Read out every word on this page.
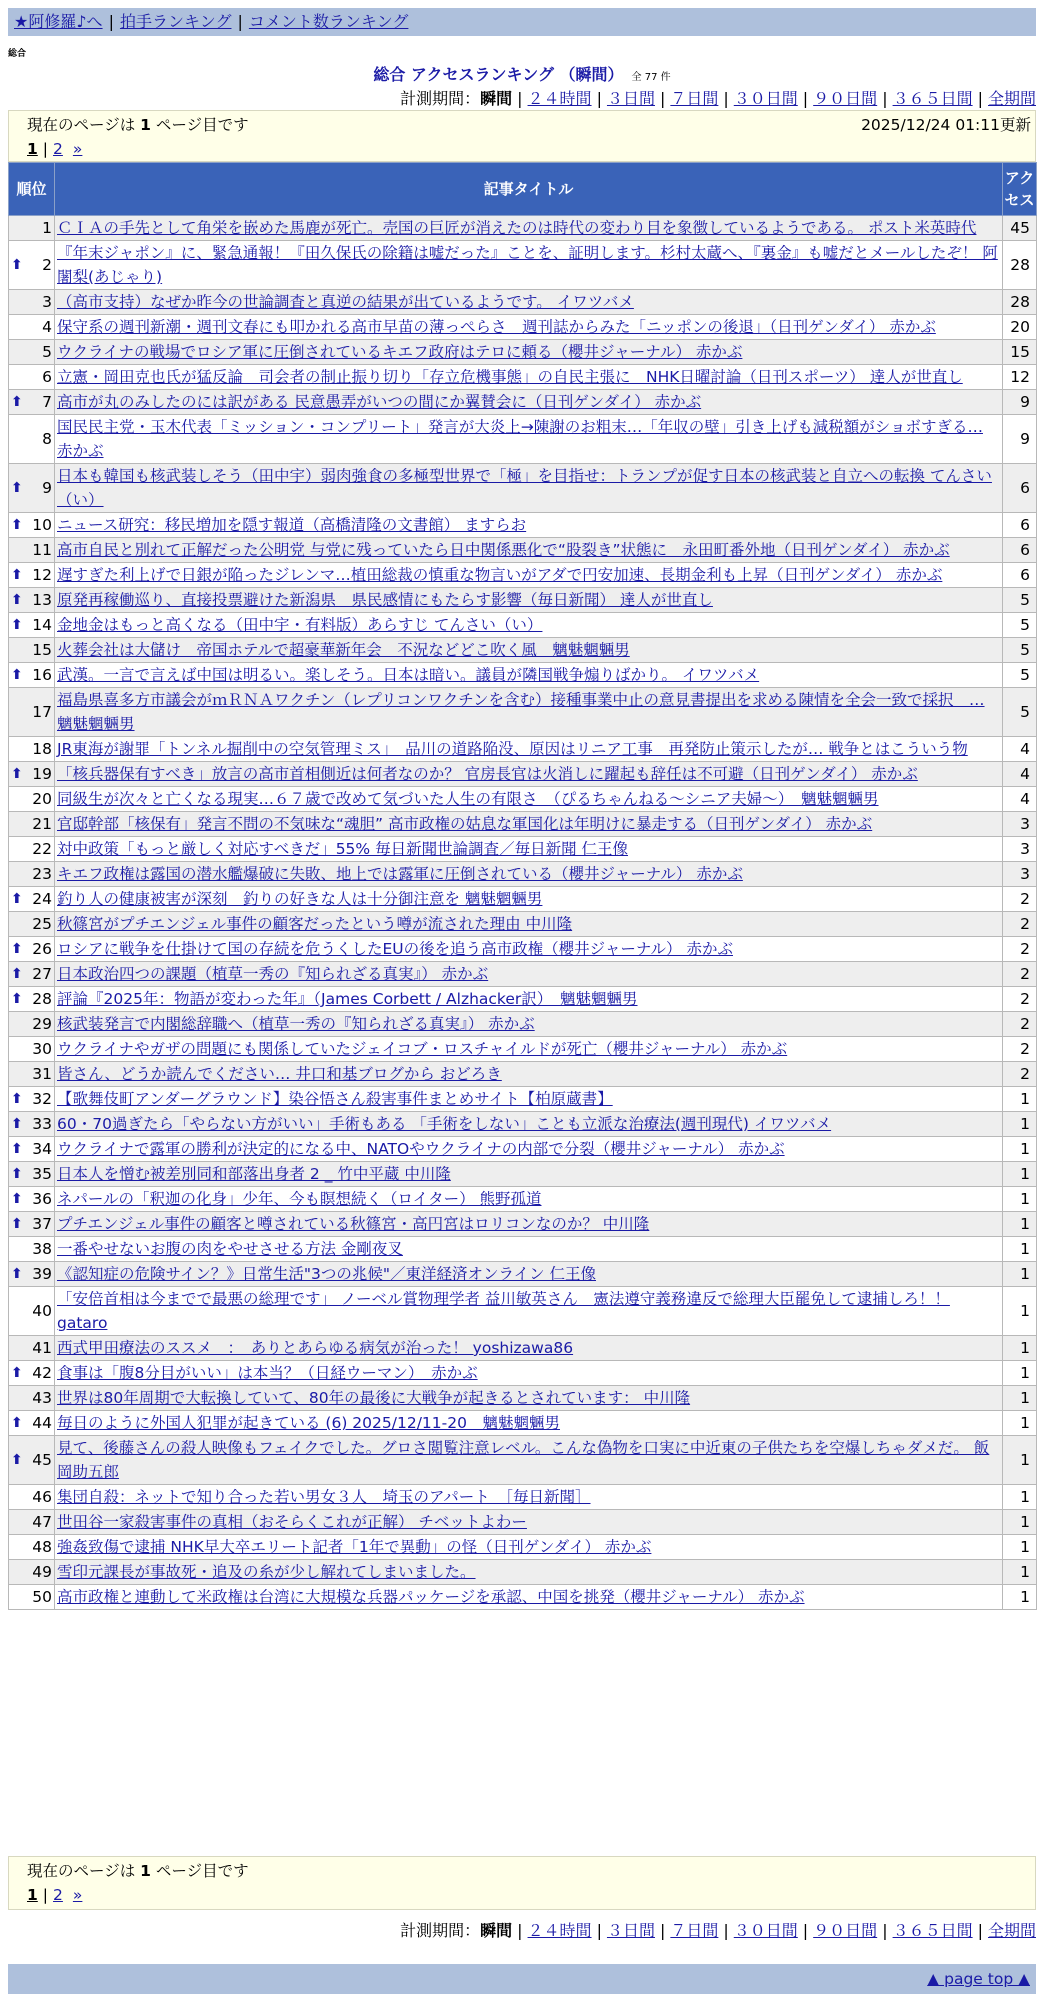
★阿修羅♪へ | 拍手ランキング | コメント数ランキング
総合
総合 アクセスランキング （瞬間） 全 77 件
計測期間：瞬間 | ２４時間 | ３日間 | ７日間 | ３０日間 | ９０日間 | ３６５日間 | 全期間
現在のページは 1 ページ目です	2025/12/24 01:11更新
1 | 2 »
順位	記事タイトル	アクセス
1	ＣＩＡの手先として角栄を嵌めた馬鹿が死亡。売国の巨匠が消えたのは時代の変わり目を象徴しているようである。 ポスト米英時代	45

⬆ 2	『年末ジャポン』に、緊急通報！『田久保氏の除籍は嘘だった』ことを、証明します。杉村太蔵へ、『裏金』も嘘だとメールしたぞ！ 阿闍梨(あじゃり)	28
3	（高市支持）なぜか昨今の世論調査と真逆の結果が出ているようです。 イワツバメ	28
4	保守系の週刊新潮・週刊文春にも叩かれる高市早苗の薄っぺらさ　週刊誌からみた「ニッポンの後退」（日刊ゲンダイ） 赤かぶ	20
5	ウクライナの戦場でロシア軍に圧倒されているキエフ政府はテロに頼る（櫻井ジャーナル） 赤かぶ	15
6	立憲・岡田克也氏が猛反論　司会者の制止振り切り「存立危機事態」の自民主張に　NHK日曜討論（日刊スポーツ） 達人が世直し	12

⬆ 7	高市が丸のみしたのには訳がある 民意愚弄がいつの間にか翼賛会に（日刊ゲンダイ） 赤かぶ	9
8	国民民主党・玉木代表「ミッション・コンプリート」発言が大炎上→陳謝のお粗末…「年収の壁」引き上げも減税額がショボすぎる… 赤かぶ	9

⬆ 9	日本も韓国も核武装しそう（田中宇）弱肉強食の多極型世界で「極」を目指せ：トランプが促す日本の核武装と自立への転換 てんさい（い）	6

⬆ 10	ニュース研究：移民増加を隠す報道（高橋清隆の文書館） ますらお	6
11	高市自民と別れて正解だった公明党 与党に残っていたら日中関係悪化で“股裂き”状態に　永田町番外地（日刊ゲンダイ） 赤かぶ	6

⬆ 12	遅すぎた利上げで日銀が陥ったジレンマ…植田総裁の慎重な物言いがアダで円安加速、長期金利も上昇（日刊ゲンダイ） 赤かぶ	6

⬆ 13	原発再稼働巡り、直接投票避けた新潟県　県民感情にもたらす影響（毎日新聞） 達人が世直し	5

⬆ 14	金地金はもっと高くなる（田中宇・有料版）あらすじ てんさい（い）	5
15	火葬会社は大儲け　帝国ホテルで超豪華新年会　不況などどこ吹く風　魑魅魍魎男	5

⬆ 16	武漢。一言で言えば中国は明るい。楽しそう。日本は暗い。議員が隣国戦争煽りばかり。 イワツバメ	5
17	福島県喜多方市議会がｍＲＮＡワクチン（レプリコンワクチンを含む）接種事業中止の意見書提出を求める陳情を全会一致で採択　… 魑魅魍魎男	5
18	JR東海が謝罪「トンネル掘削中の空気管理ミス」　品川の道路陥没、原因はリニア工事　再発防止策示したが… 戦争とはこういう物	4

⬆ 19	「核兵器保有すべき」放言の高市首相側近は何者なのか？ 官房長官は火消しに躍起も辞任は不可避（日刊ゲンダイ） 赤かぶ	4
20	同級生が次々と亡くなる現実…６７歳で改めて気づいた人生の有限さ　（ぴるちゃんねる〜シニア夫婦〜）　魑魅魍魎男	4
21	官邸幹部「核保有」発言不問の不気味な“魂胆” 高市政権の姑息な軍国化は年明けに暴走する（日刊ゲンダイ） 赤かぶ	3
22	対中政策「もっと厳しく対応すべきだ」55% 毎日新聞世論調査／毎日新聞 仁王像	3
23	キエフ政権は露国の潜水艦爆破に失敗、地上では露軍に圧倒されている（櫻井ジャーナル） 赤かぶ	3

⬆ 24	釣り人の健康被害が深刻　釣りの好きな人は十分御注意を 魑魅魍魎男	2
25	秋篠宮がプチエンジェル事件の顧客だったという噂が流された理由 中川隆	2

⬆ 26	ロシアに戦争を仕掛けて国の存続を危うくしたEUの後を追う高市政権（櫻井ジャーナル） 赤かぶ	2

⬆ 27	日本政治四つの課題（植草一秀の『知られざる真実』） 赤かぶ	2

⬆ 28	評論『2025年：物語が変わった年』（James Corbett / Alzhacker訳）　魑魅魍魎男	2
29	核武装発言で内閣総辞職へ（植草一秀の『知られざる真実』） 赤かぶ	2
30	ウクライナやガザの問題にも関係していたジェイコブ・ロスチャイルドが死亡（櫻井ジャーナル） 赤かぶ	2
31	皆さん、どうか読んでください… 井口和基ブログから おどろき	2

⬆ 32	【歌舞伎町アンダーグラウンド】染谷悟さん殺害事件まとめサイト【柏原蔵書】	1

⬆ 33	60・70過ぎたら「やらない方がいい」手術もある 「手術をしない」ことも立派な治療法(週刊現代) イワツバメ	1

⬆ 34	ウクライナで露軍の勝利が決定的になる中、NATOやウクライナの内部で分裂（櫻井ジャーナル） 赤かぶ	1

⬆ 35	日本人を憎む被差別同和部落出身者 2 _ 竹中平蔵 中川隆	1

⬆ 36	ネパールの「釈迦の化身」少年、今も瞑想続く（ロイター） 熊野孤道	1

⬆ 37	プチエンジェル事件の顧客と噂されている秋篠宮・高円宮はロリコンなのか？ 中川隆	1
38	一番やせないお腹の肉をやせさせる方法 金剛夜叉	1

⬆ 39	《認知症の危険サイン？》日常生活"3つの兆候"／東洋経済オンライン 仁王像	1
40	「安倍首相は今までで最悪の総理です」 ノーベル賞物理学者 益川敏英さん　憲法遵守義務違反で総理大臣罷免して逮捕しろ！！ gataro	1
41	西式甲田療法のススメ　：　ありとあらゆる病気が治った！ yoshizawa86	1

⬆ 42	食事は「腹8分目がいい」は本当？（日経ウーマン）　赤かぶ	1
43	世界は80年周期で大転換していて、80年の最後に大戦争が起きるとされています： 中川隆	1

⬆ 44	毎日のように外国人犯罪が起きている (6) 2025/12/11-20　魑魅魍魎男	1

⬆ 45	見て、後藤さんの殺人映像もフェイクでした。グロさ閲覧注意レベル。こんな偽物を口実に中近東の子供たちを空爆しちゃダメだ。 飯岡助五郎	1
46	集団自殺：ネットで知り合った若い男女３人　埼玉のアパート　［毎日新聞］	1
47	世田谷一家殺害事件の真相（おそらくこれが正解） チベットよわー	1
48	強姦致傷で逮捕 NHK早大卒エリート記者「1年で異動」の怪（日刊ゲンダイ） 赤かぶ	1
49	雪印元課長が事故死・追及の糸が少し解れてしまいました。	1
50	高市政権と連動して米政権は台湾に大規模な兵器パッケージを承認、中国を挑発（櫻井ジャーナル） 赤かぶ	1
現在のページは 1 ページ目です
1 | 2 »
計測期間：瞬間 | ２４時間 | ３日間 | ７日間 | ３０日間 | ９０日間 | ３６５日間 | 全期間
▲ page top ▲
